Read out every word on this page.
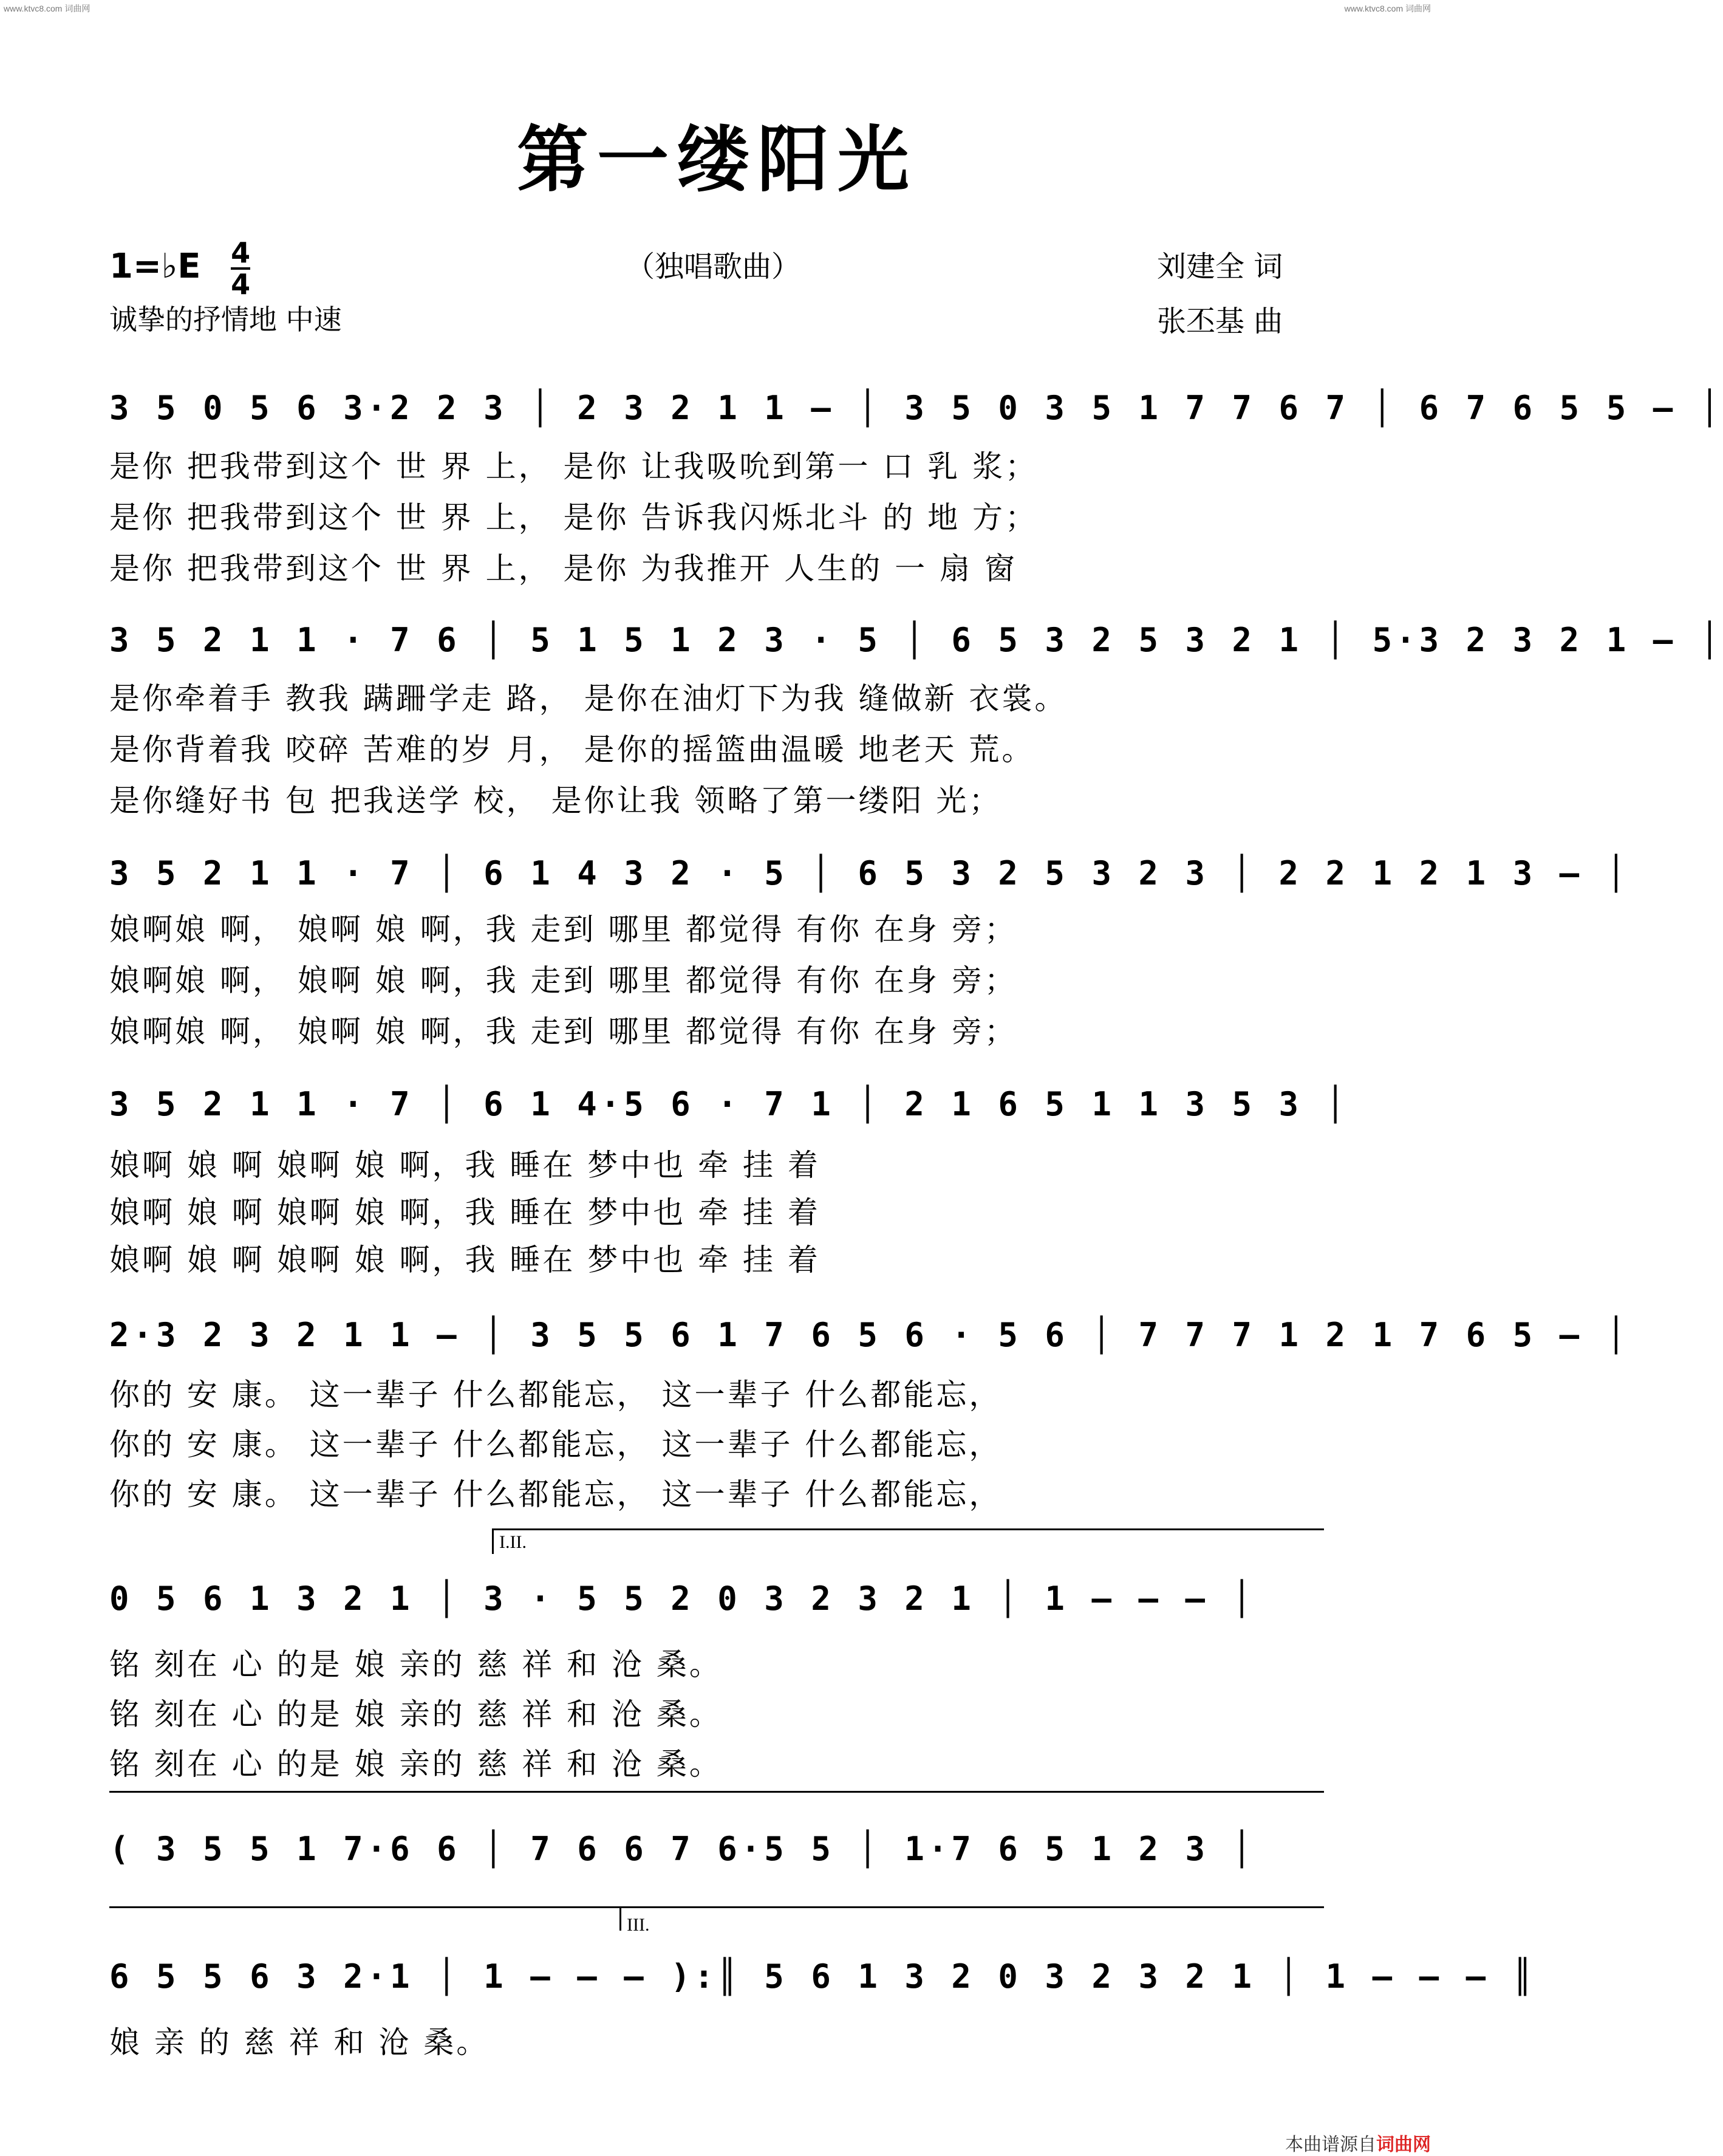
www.ktvc8.com 词曲网	www.ktvc8.com 词曲网
第一缕阳光
1=♭E $\frac{4}{4}$	（独唱歌曲）	刘建全 词
诚挚的抒情地 中速	张丕基 曲
3 5 0 5 6 3·2 2 3 │ 2 3 2 1 1 – │ 3 5 0 3 5 1 7 7 6 7 │ 6 7 6 5 5 – │
是你 把我带到这个 世 界 上， 是你 让我吸吮到第一 口 乳 浆；
是你 把我带到这个 世 界 上， 是你 告诉我闪烁北斗 的 地 方；
是你 把我带到这个 世 界 上， 是你 为我推开 人生的 一 扇 窗
3 5 2 1 1 · 7 6 │ 5 1 5 1 2 3 · 5 │ 6 5 3 2 5 3 2 1 │ 5·3 2 3 2 1 – │
是你牵着手 教我 蹒跚学走 路， 是你在油灯下为我 缝做新 衣裳。
是你背着我 咬碎 苦难的岁 月， 是你的摇篮曲温暖 地老天 荒。
是你缝好书 包 把我送学 校， 是你让我 领略了第一缕阳 光；
3 5 2 1 1 · 7 │ 6 1 4 3 2 · 5 │ 6 5 3 2 5 3 2 3 │ 2 2 1 2 1 3 – │
娘啊娘 啊， 娘啊 娘 啊，我 走到 哪里 都觉得 有你 在身 旁；
娘啊娘 啊， 娘啊 娘 啊，我 走到 哪里 都觉得 有你 在身 旁；
娘啊娘 啊， 娘啊 娘 啊，我 走到 哪里 都觉得 有你 在身 旁；
3 5 2 1 1 · 7 │ 6 1 4·5 6 · 7 1 │ 2 1 6 5 1 1 3 5 3 │
娘啊 娘 啊 娘啊 娘 啊，我 睡在 梦中也 牵 挂 着
娘啊 娘 啊 娘啊 娘 啊，我 睡在 梦中也 牵 挂 着
娘啊 娘 啊 娘啊 娘 啊，我 睡在 梦中也 牵 挂 着
2·3 2 3 2 1 1 – │ 3 5 5 6 1 7 6 5 6 · 5 6 │ 7 7 7 1 2 1 7 6 5 – │
你的 安 康。 这一辈子 什么都能忘， 这一辈子 什么都能忘，
你的 安 康。 这一辈子 什么都能忘， 这一辈子 什么都能忘，
你的 安 康。 这一辈子 什么都能忘， 这一辈子 什么都能忘，
I.II.
0 5 6 1 3 2 1 │ 3 · 5 5 2 0 3 2 3 2 1 │ 1 – – – │
铭 刻在 心 的是 娘 亲的 慈 祥 和 沧 桑。
铭 刻在 心 的是 娘 亲的 慈 祥 和 沧 桑。
铭 刻在 心 的是 娘 亲的 慈 祥 和 沧 桑。
( 3 5 5 1 7·6 6 │ 7 6 6 7 6·5 5 │ 1·7 6 5 1 2 3 │
III.
6 5 5 6 3 2·1 │ 1 – – – ):║ 5 6 1 3 2 0 3 2 3 2 1 │ 1 – – – ║
娘 亲 的 慈 祥 和 沧 桑。
本曲谱源自词曲网
